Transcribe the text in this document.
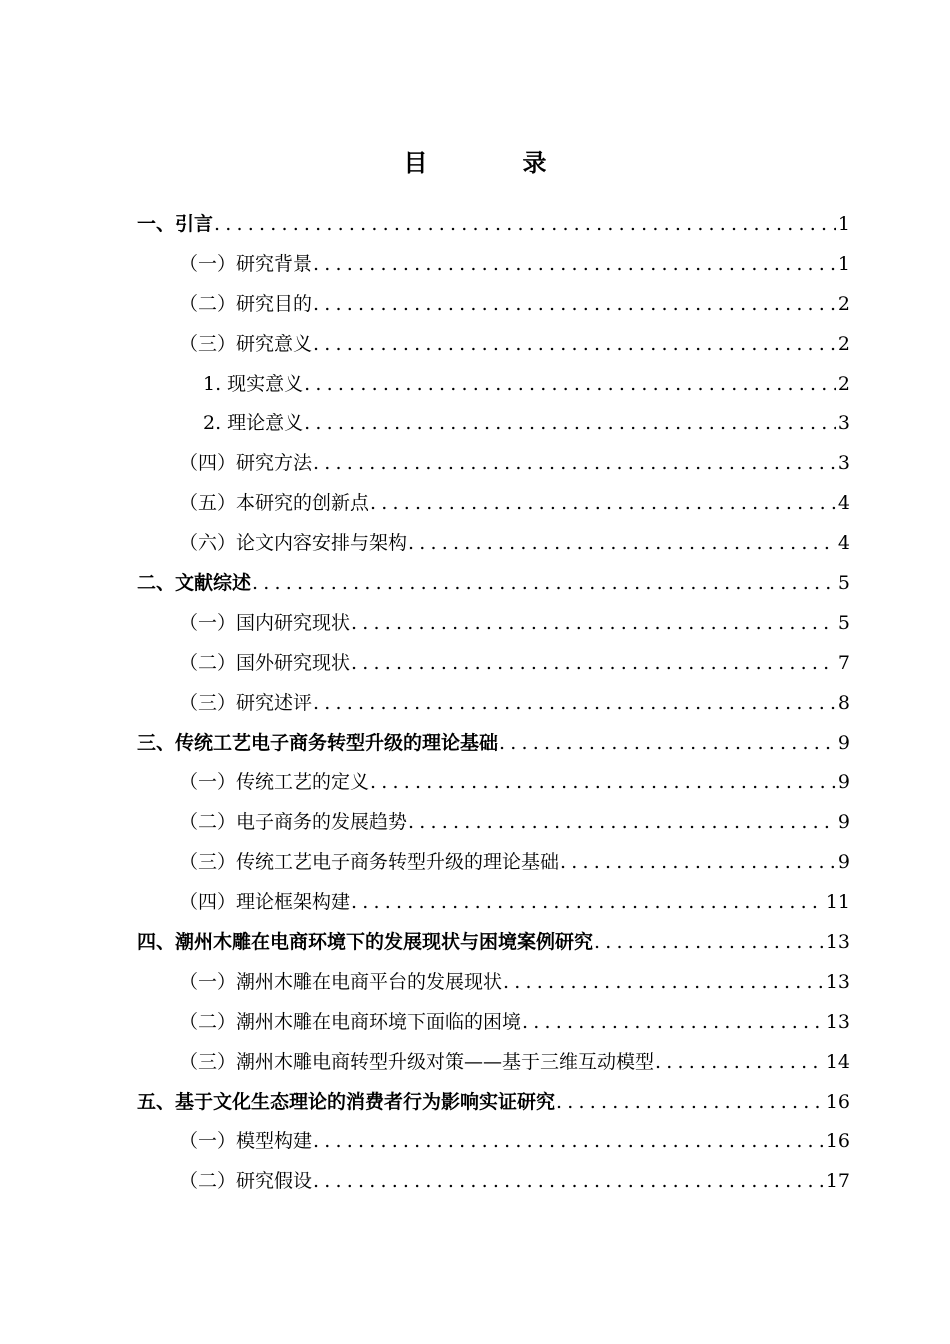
目	录
一、引言 .....	1
（一）研究背景 .....	1
（二）研究目的 .....	2
（三）研究意义 .....	2
1. 现实意义 .....	2
2. 理论意义 .....	3
（四）研究方法 .....	3
（五）本研究的创新点 .....	4
（六）论文内容安排与架构 .....	4
二、文献综述 .....	5
（一）国内研究现状 .....	5
（二）国外研究现状 .....	7
（三）研究述评 .....	8
三、传统工艺电子商务转型升级的理论基础 .....	9
（一）传统工艺的定义 .....	9
（二）电子商务的发展趋势 .....	9
（三）传统工艺电子商务转型升级的理论基础 .....	9
（四）理论框架构建 .....	11
四、潮州木雕在电商环境下的发展现状与困境案例研究 .....	13
（一）潮州木雕在电商平台的发展现状 .....	13
（二）潮州木雕在电商环境下面临的困境 .....	13
（三）潮州木雕电商转型升级对策——基于三维互动模型 .....	14
五、基于文化生态理论的消费者行为影响实证研究 .....	16
（一）模型构建 .....	16
（二）研究假设 .....	17
